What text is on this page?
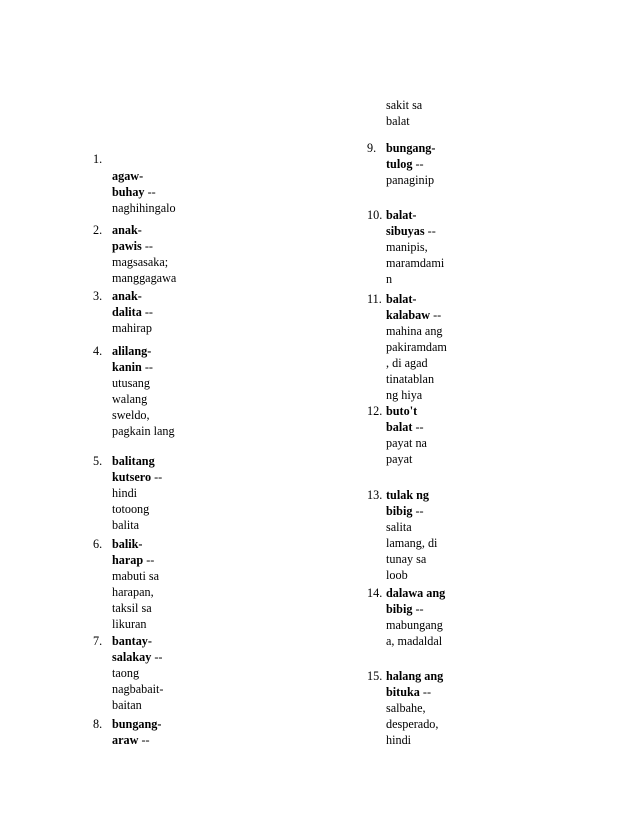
1.
agaw-
buhay --
naghihingalo
2. anak-
pawis --
magsasaka;
manggagawa
3. anak-
dalita --
mahirap
4. alilang-
kanin --
utusang
walang
sweldo,
pagkain lang
5. balitang
kutsero --
hindi
totoong
balita
6. balik-
harap --
mabuti sa
harapan,
taksil sa
likuran
7. bantay-
salakay --
taong
nagbabait-
baitan
8. bungang-
araw --
sakit sa
balat
9. bungang-
tulog --
panaginip
10. balat-
sibuyas --
manipis,
maramdami
n
11. balat-
kalabaw --
mahina ang
pakiramdam
, di agad
tinatablan
ng hiya
12. buto't
balat --
payat na
payat
13. tulak ng
bibig --
salita
lamang, di
tunay sa
loob
14. dalawa ang
bibig --
mabungang
a, madaldal
15. halang ang
bituka --
salbahe,
desperado,
hindi
